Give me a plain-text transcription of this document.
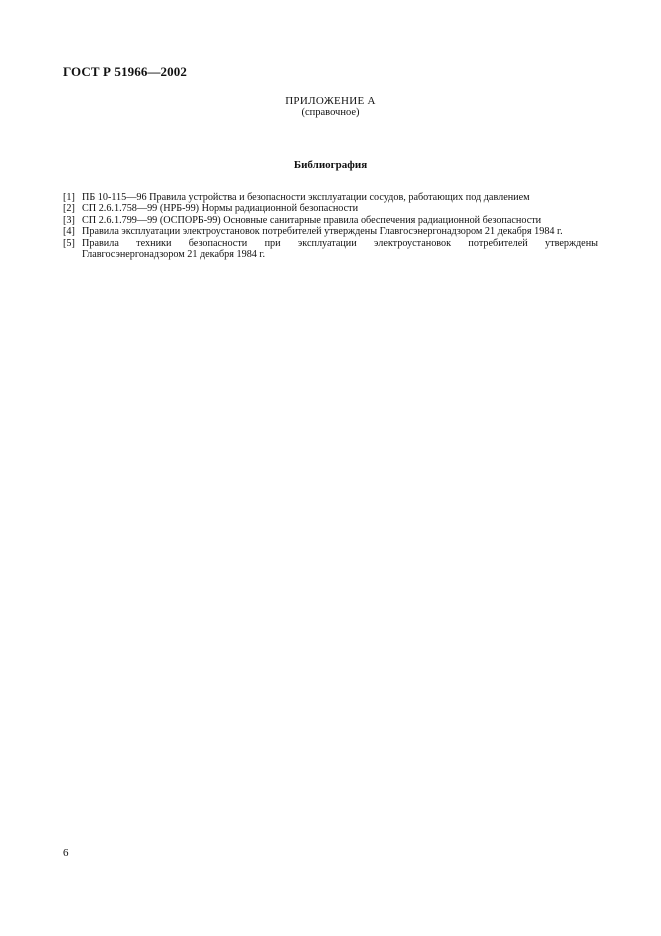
ГОСТ Р 51966—2002
ПРИЛОЖЕНИЕ А
(справочное)
Библиография
[1] ПБ 10-115—96 Правила устройства и безопасности эксплуатации сосудов, работающих под давлением
[2] СП 2.6.1.758—99 (НРБ-99) Нормы радиационной безопасности
[3] СП 2.6.1.799—99 (ОСПОРБ-99) Основные санитарные правила обеспечения радиационной безопасности
[4] Правила эксплуатации электроустановок потребителей утверждены Главгосэнергонадзором 21 декабря 1984 г.
[5] Правила техники безопасности при эксплуатации электроустановок потребителей утверждены Главгосэнергонадзором 21 декабря 1984 г.
6
